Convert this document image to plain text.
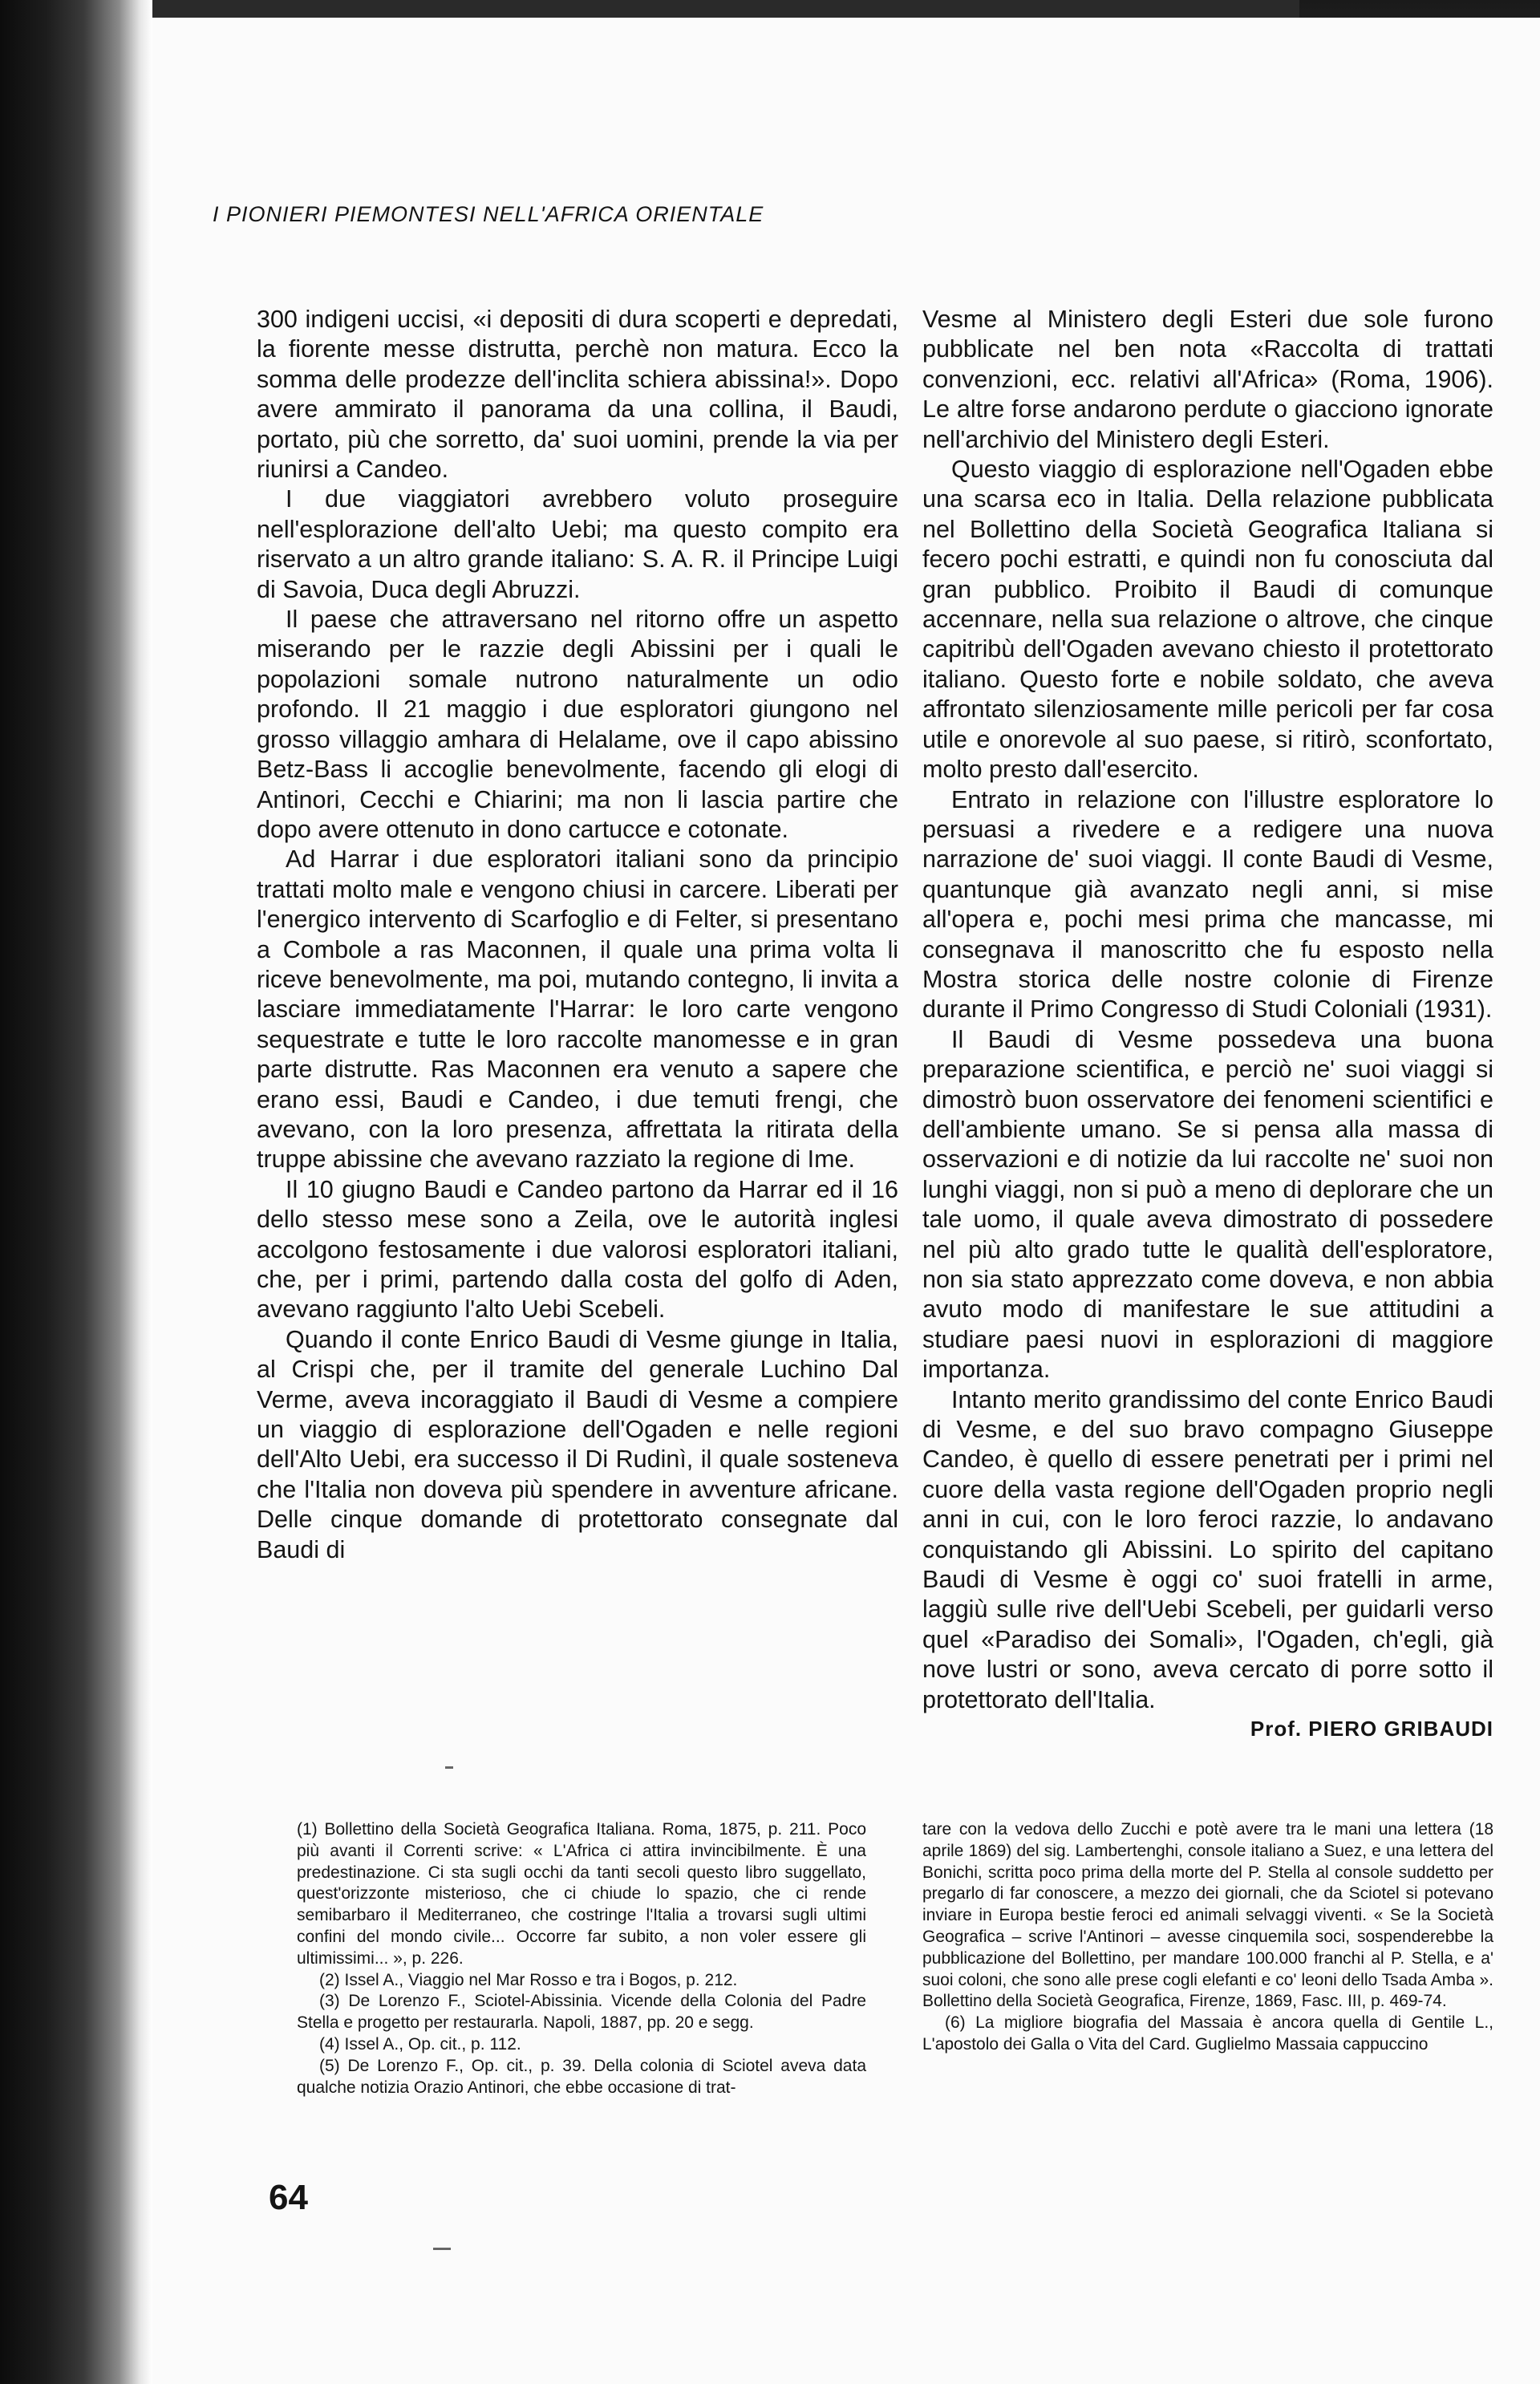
I PIONIERI PIEMONTESI NELL'AFRICA ORIENTALE

300 indigeni uccisi, «i depositi di dura scoperti e depredati, la fiorente messe distrutta, perchè non matura. Ecco la somma delle prodezze dell'inclita schiera abissina!». Dopo avere ammirato il panorama da una collina, il Baudi, portato, più che sorretto, da' suoi uomini, prende la via per riunirsi a Candeo.

I due viaggiatori avrebbero voluto proseguire nell'esplorazione dell'alto Uebi; ma questo compito era riservato a un altro grande italiano: S. A. R. il Principe Luigi di Savoia, Duca degli Abruzzi.

Il paese che attraversano nel ritorno offre un aspetto miserando per le razzie degli Abissini per i quali le popolazioni somale nutrono naturalmente un odio profondo. Il 21 maggio i due esploratori giungono nel grosso villaggio amhara di Helalame, ove il capo abissino Betz-Bass li accoglie benevolmente, facendo gli elogi di Antinori, Cecchi e Chiarini; ma non li lascia partire che dopo avere ottenuto in dono cartucce e cotonate.

Ad Harrar i due esploratori italiani sono da principio trattati molto male e vengono chiusi in carcere. Liberati per l'energico intervento di Scarfoglio e di Felter, si presentano a Combole a ras Maconnen, il quale una prima volta li riceve benevolmente, ma poi, mutando contegno, li invita a lasciare immediatamente l'Harrar: le loro carte vengono sequestrate e tutte le loro raccolte manomesse e in gran parte distrutte. Ras Maconnen era venuto a sapere che erano essi, Baudi e Candeo, i due temuti frengi, che avevano, con la loro presenza, affrettata la ritirata della truppe abissine che avevano razziato la regione di Ime.

Il 10 giugno Baudi e Candeo partono da Harrar ed il 16 dello stesso mese sono a Zeila, ove le autorità inglesi accolgono festosamente i due valorosi esploratori italiani, che, per i primi, partendo dalla costa del golfo di Aden, avevano raggiunto l'alto Uebi Scebeli.

Quando il conte Enrico Baudi di Vesme giunge in Italia, al Crispi che, per il tramite del generale Luchino Dal Verme, aveva incoraggiato il Baudi di Vesme a compiere un viaggio di esplorazione dell'Ogaden e nelle regioni dell'Alto Uebi, era successo il Di Rudinì, il quale sosteneva che l'Italia non doveva più spendere in avventure africane. Delle cinque domande di protettorato consegnate dal Baudi di

Vesme al Ministero degli Esteri due sole furono pubblicate nel ben nota «Raccolta di trattati convenzioni, ecc. relativi all'Africa» (Roma, 1906). Le altre forse andarono perdute o giacciono ignorate nell'archivio del Ministero degli Esteri.

Questo viaggio di esplorazione nell'Ogaden ebbe una scarsa eco in Italia. Della relazione pubblicata nel Bollettino della Società Geografica Italiana si fecero pochi estratti, e quindi non fu conosciuta dal gran pubblico. Proibito il Baudi di comunque accennare, nella sua relazione o altrove, che cinque capitribù dell'Ogaden avevano chiesto il protettorato italiano. Questo forte e nobile soldato, che aveva affrontato silenziosamente mille pericoli per far cosa utile e onorevole al suo paese, si ritirò, sconfortato, molto presto dall'esercito.

Entrato in relazione con l'illustre esploratore lo persuasi a rivedere e a redigere una nuova narrazione de' suoi viaggi. Il conte Baudi di Vesme, quantunque già avanzato negli anni, si mise all'opera e, pochi mesi prima che mancasse, mi consegnava il manoscritto che fu esposto nella Mostra storica delle nostre colonie di Firenze durante il Primo Congresso di Studi Coloniali (1931).

Il Baudi di Vesme possedeva una buona preparazione scientifica, e perciò ne' suoi viaggi si dimostrò buon osservatore dei fenomeni scientifici e dell'ambiente umano. Se si pensa alla massa di osservazioni e di notizie da lui raccolte ne' suoi non lunghi viaggi, non si può a meno di deplorare che un tale uomo, il quale aveva dimostrato di possedere nel più alto grado tutte le qualità dell'esploratore, non sia stato apprezzato come doveva, e non abbia avuto modo di manifestare le sue attitudini a studiare paesi nuovi in esplorazioni di maggiore importanza.

Intanto merito grandissimo del conte Enrico Baudi di Vesme, e del suo bravo compagno Giuseppe Candeo, è quello di essere penetrati per i primi nel cuore della vasta regione dell'Ogaden proprio negli anni in cui, con le loro feroci razzie, lo andavano conquistando gli Abissini. Lo spirito del capitano Baudi di Vesme è oggi co' suoi fratelli in arme, laggiù sulle rive dell'Uebi Scebeli, per guidarli verso quel «Paradiso dei Somali», l'Ogaden, ch'egli, già nove lustri or sono, aveva cercato di porre sotto il protettorato dell'Italia.

Prof. PIERO GRIBAUDI

(1) Bollettino della Società Geografica Italiana. Roma, 1875, p. 211. Poco più avanti il Correnti scrive: « L'Africa ci attira invincibilmente. È una predestinazione. Ci sta sugli occhi da tanti secoli questo libro suggellato, quest'orizzonte misterioso, che ci chiude lo spazio, che ci rende semibarbaro il Mediterraneo, che costringe l'Italia a trovarsi sugli ultimi confini del mondo civile... Occorre far subito, a non voler essere gli ultimissimi... », p. 226.

(2) Issel A., Viaggio nel Mar Rosso e tra i Bogos, p. 212.

(3) De Lorenzo F., Sciotel-Abissinia. Vicende della Colonia del Padre Stella e progetto per restaurarla. Napoli, 1887, pp. 20 e segg.

(4) Issel A., Op. cit., p. 112.

(5) De Lorenzo F., Op. cit., p. 39. Della colonia di Sciotel aveva data qualche notizia Orazio Antinori, che ebbe occasione di trat-

tare con la vedova dello Zucchi e potè avere tra le mani una lettera (18 aprile 1869) del sig. Lambertenghi, console italiano a Suez, e una lettera del Bonichi, scritta poco prima della morte del P. Stella al console suddetto per pregarlo di far conoscere, a mezzo dei giornali, che da Sciotel si potevano inviare in Europa bestie feroci ed animali selvaggi viventi. « Se la Società Geografica – scrive l'Antinori – avesse cinquemila soci, sospenderebbe la pubblicazione del Bollettino, per mandare 100.000 franchi al P. Stella, e a' suoi coloni, che sono alle prese cogli elefanti e co' leoni dello Tsada Amba ». Bollettino della Società Geografica, Firenze, 1869, Fasc. III, p. 469-74.

(6) La migliore biografia del Massaia è ancora quella di Gentile L., L'apostolo dei Galla o Vita del Card. Guglielmo Massaia cappuccino

64
